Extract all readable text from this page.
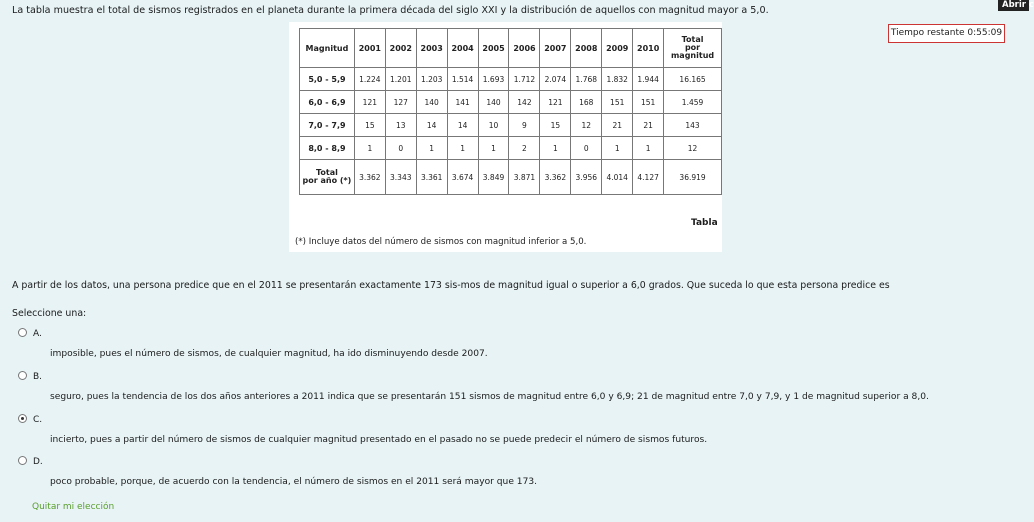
La tabla muestra el total de sismos registrados en el planeta durante la primera década del siglo XXI y la distribución de aquellos con magnitud mayor a 5,0.	Abrir c
Tiempo restante 0:55:09
Magnitud	2001	2002	2003	2004	2005	2006	2007	2008	2009	2010	Total
por
magnitud
5,0 - 5,9	1.224	1.201	1.203	1.514	1.693	1.712	2.074	1.768	1.832	1.944	16.165
6,0 - 6,9	121	127	140	141	140	142	121	168	151	151	1.459
7,0 - 7,9	15	13	14	14	10	9	15	12	21	21	143
8,0 - 8,9	1	0	1	1	1	2	1	0	1	1	12
Total
por año (*)	3.362	3.343	3.361	3.674	3.849	3.871	3.362	3.956	4.014	4.127	36.919
Tabla
(*) Incluye datos del número de sismos con magnitud inferior a 5,0.
A partir de los datos, una persona predice que en el 2011 se presentarán exactamente 173 sis-mos de magnitud igual o superior a 6,0 grados. Que suceda lo que esta persona predice es
Seleccione una:
A.
imposible, pues el número de sismos, de cualquier magnitud, ha ido disminuyendo desde 2007.
B.
seguro, pues la tendencia de los dos años anteriores a 2011 indica que se presentarán 151 sismos de magnitud entre 6,0 y 6,9; 21 de magnitud entre 7,0 y 7,9, y 1 de magnitud superior a 8,0.
C.
incierto, pues a partir del número de sismos de cualquier magnitud presentado en el pasado no se puede predecir el número de sismos futuros.
D.
poco probable, porque, de acuerdo con la tendencia, el número de sismos en el 2011 será mayor que 173.
Quitar mi elección
